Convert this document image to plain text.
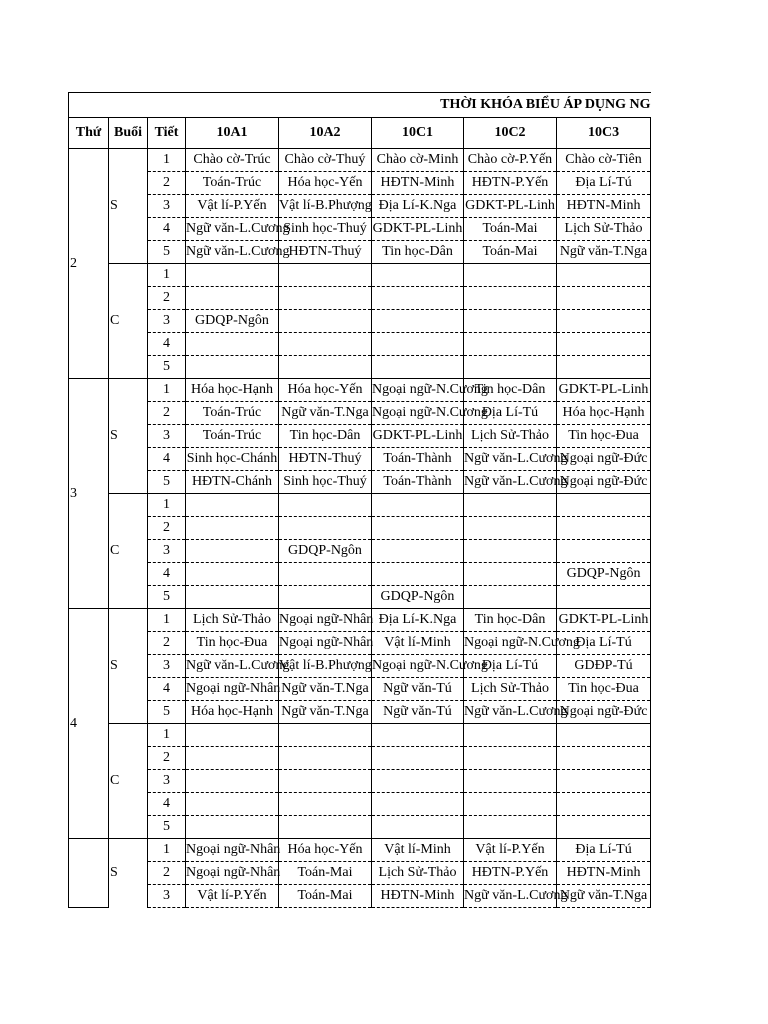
THỜI KHÓA BIỂU ÁP DỤNG NG							
Thứ	Buổi	Tiết	10A1	10A2	10C1	10C2	10C3
2	S	1	Chào cờ-Trúc	Chào cờ-Thuý	Chào cờ-Minh	Chào cờ-P.Yến	Chào cờ-Tiên
		2	Toán-Trúc	Hóa học-Yến	HĐTN-Minh	HĐTN-P.Yến	Địa Lí-Tú
		3	Vật lí-P.Yến	Vật lí-B.Phượng	Địa Lí-K.Nga	GDKT-PL-Linh	HĐTN-Minh
		4	Ngữ văn-L.Cương	Sinh học-Thuý	GDKT-PL-Linh	Toán-Mai	Lịch Sử-Thảo
		5	Ngữ văn-L.Cương	HĐTN-Thuý	Tin học-Dân	Toán-Mai	Ngữ văn-T.Nga
	C	1					
		2					
		3	GDQP-Ngôn				
		4					
		5					
3	S	1	Hóa học-Hạnh	Hóa học-Yến	Ngoại ngữ-N.Cương	Tin học-Dân	GDKT-PL-Linh
		2	Toán-Trúc	Ngữ văn-T.Nga	Ngoại ngữ-N.Cương	Địa Lí-Tú	Hóa học-Hạnh
		3	Toán-Trúc	Tin học-Dân	GDKT-PL-Linh	Lịch Sử-Thảo	Tin học-Đua
		4	Sinh học-Chánh	HĐTN-Thuý	Toán-Thành	Ngữ văn-L.Cương	Ngoại ngữ-Đức
		5	HĐTN-Chánh	Sinh học-Thuý	Toán-Thành	Ngữ văn-L.Cương	Ngoại ngữ-Đức
	C	1					
		2					
		3		GDQP-Ngôn			
		4					GDQP-Ngôn
		5			GDQP-Ngôn		
4	S	1	Lịch Sử-Thảo	Ngoại ngữ-Nhân	Địa Lí-K.Nga	Tin học-Dân	GDKT-PL-Linh
		2	Tin học-Đua	Ngoại ngữ-Nhân	Vật lí-Minh	Ngoại ngữ-N.Cương	Địa Lí-Tú
		3	Ngữ văn-L.Cương	Vật lí-B.Phượng	Ngoại ngữ-N.Cương	Địa Lí-Tú	GDĐP-Tú
		4	Ngoại ngữ-Nhân	Ngữ văn-T.Nga	Ngữ văn-Tú	Lịch Sử-Thảo	Tin học-Đua
		5	Hóa học-Hạnh	Ngữ văn-T.Nga	Ngữ văn-Tú	Ngữ văn-L.Cương	Ngoại ngữ-Đức
	C	1					
		2					
		3					
		4					
		5					
	S	1	Ngoại ngữ-Nhân	Hóa học-Yến	Vật lí-Minh	Vật lí-P.Yến	Địa Lí-Tú
		2	Ngoại ngữ-Nhân	Toán-Mai	Lịch Sử-Thảo	HĐTN-P.Yến	HĐTN-Minh
		3	Vật lí-P.Yến	Toán-Mai	HĐTN-Minh	Ngữ văn-L.Cương	Ngữ văn-T.Nga
